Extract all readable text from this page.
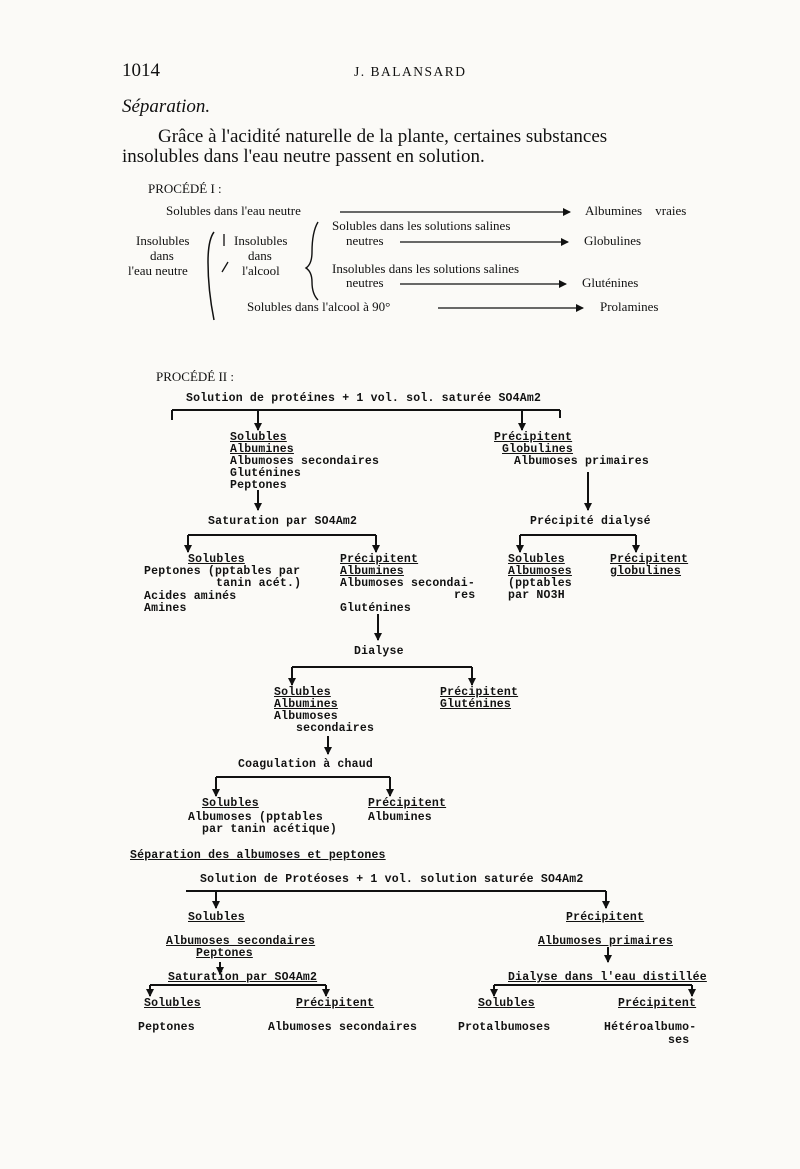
1014	J. BALANSARD
Séparation.
Grâce à l'acidité naturelle de la plante, certaines substances
insolubles dans l'eau neutre passent en solution.
PROCÉDÉ I :
Solubles dans l'eau neutre	Albumines vraies
Insolubles
dans
l'eau neutre
Insolubles
dans
l'alcool
Solubles dans les solutions salines
neutres	Globulines
Insolubles dans les solutions salines
neutres	Gluténines
Solubles dans l'alcool à 90°	Prolamines
PROCÉDÉ II :
Solution de protéines + 1 vol. sol. saturée SO4Am2
Solubles
Albumines
Albumoses secondaires
Gluténines
Peptones
Précipitent
Globulines
Albumoses primaires
Saturation par SO4Am2	Précipité dialysé
Solubles
Peptones (pptables par
tanin acét.)
Acides aminés
Amines
Précipitent
Albumines
Albumoses secondai-
res
Gluténines
Solubles
Albumoses
(pptables
par NO3H
Précipitent
globulines
Dialyse
Solubles
Albumines
Albumoses
secondaires
Précipitent
Gluténines
Coagulation à chaud
Solubles
Albumoses (pptables
par tanin acétique)
Précipitent
Albumines
Séparation des albumoses et peptones
Solution de Protéoses + 1 vol. solution saturée SO4Am2
Solubles	Précipitent
Albumoses secondaires
Peptones
Albumoses primaires
Saturation par SO4Am2	Dialyse dans l'eau distillée
Solubles	Précipitent	Solubles	Précipitent
Peptones	Albumoses secondaires	Protalbumoses	Hétéroalbumo-
ses
